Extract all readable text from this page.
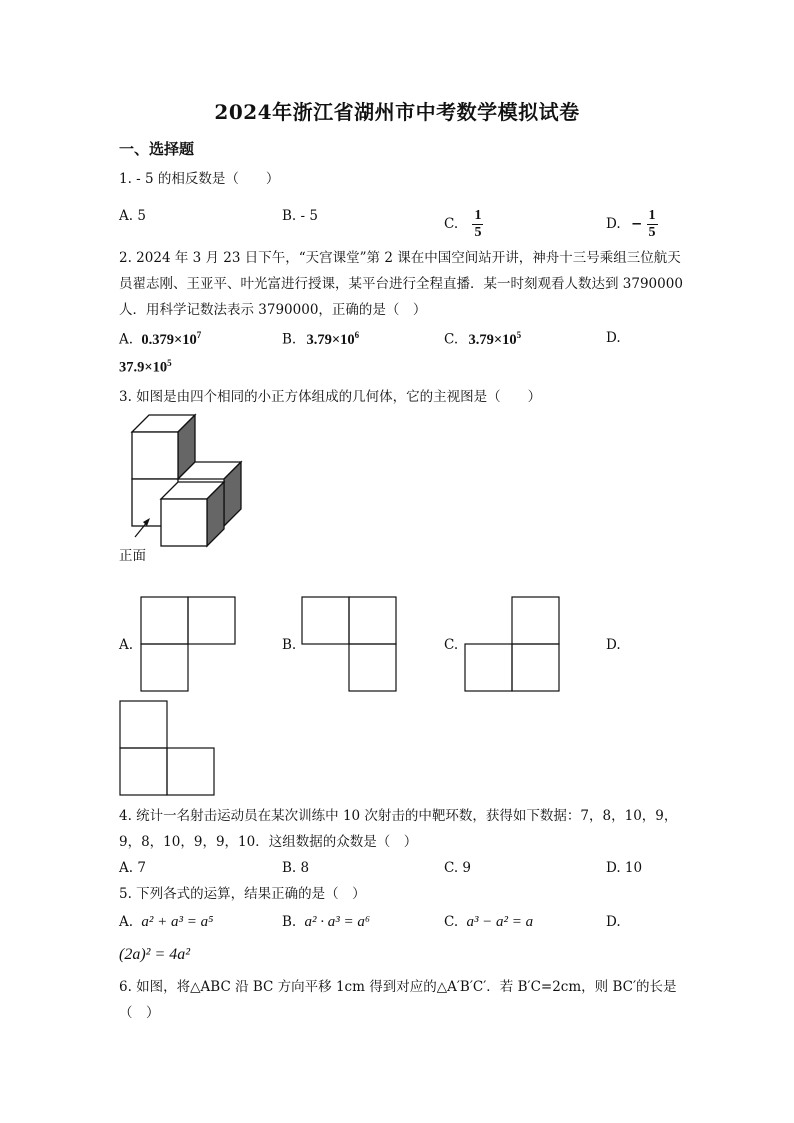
2024年浙江省湖州市中考数学模拟试卷
一、选择题
1. - 5 的相反数是（　　）
A. 5	B. - 5	C. $\frac{1}{5}$	D. − $\frac{1}{5}$
2. 2024 年 3 月 23 日下午，“天宫课堂”第 2 课在中国空间站开讲，神舟十三号乘组三位航天
员翟志刚、王亚平、叶光富进行授课，某平台进行全程直播．某一时刻观看人数达到 3790000
人．用科学记数法表示 3790000，正确的是（　）
A. $0.379\times 10^7$	B. $3.79\times 10^6$	C. $3.79\times 10^5$	D.
$37.9\times 10^5$
3. 如图是由四个相同的小正方体组成的几何体，它的主视图是（　　）
正面
A.	B.	C.	D.
4. 统计一名射击运动员在某次训练中 10 次射击的中靶环数，获得如下数据：7，8，10，9，
9，8，10，9，9，10．这组数据的众数是（　）
A. 7	B. 8	C. 9	D. 10
5. 下列各式的运算，结果正确的是（　）
A. a² + a³ = a⁵	B. a² · a³ = a⁶	C. a³ − a² = a	D.
(2a)² = 4a²
6. 如图，将△ABC 沿 BC 方向平移 1cm 得到对应的△A′B′C′．若 B′C=2cm，则 BC′的长是
（　）
